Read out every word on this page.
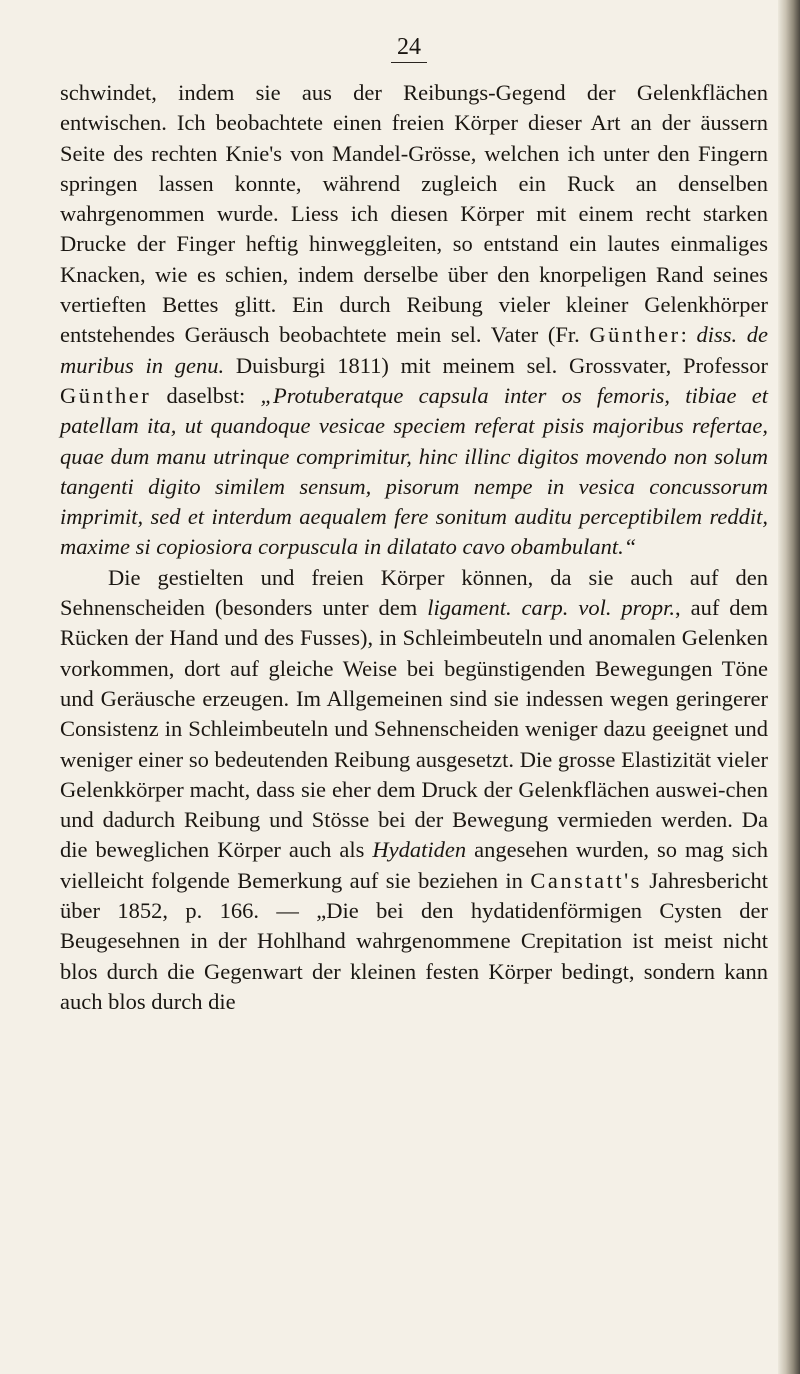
24

schwindet, indem sie aus der Reibungs-Gegend der Gelenkflächen entwischen. Ich beobachtete einen freien Körper dieser Art an der äussern Seite des rechten Knie's von Mandel-Grösse, welchen ich unter den Fingern springen lassen konnte, während zugleich ein Ruck an denselben wahrgenommen wurde. Liess ich diesen Körper mit einem recht starken Drucke der Finger heftig hinweggleiten, so entstand ein lautes einmaliges Knacken, wie es schien, indem derselbe über den knorpeligen Rand seines vertieften Bettes glitt. Ein durch Reibung vieler kleiner Gelenkhörper entstehendes Geräusch beobachtete mein sel. Vater (Fr. Günther: diss. de muribus in genu. Duisburgi 1811) mit meinem sel. Grossvater, Professor Günther daselbst: „Protuberatque capsula inter os femoris, tibiae et patellam ita, ut quandoque vesicae speciem referat pisis majoribus refertae, quae dum manu utrinque comprimitur, hinc illinc digitos movendo non solum tangenti digito similem sensum, pisorum nempe in vesica concussorum imprimit, sed et interdum aequalem fere sonitum auditu perceptibilem reddit, maxime si copiosiora corpuscula in dilatato cavo obambulant.“

Die gestielten und freien Körper können, da sie auch auf den Sehnenscheiden (besonders unter dem ligament. carp. vol. propr., auf dem Rücken der Hand und des Fusses), in Schleimbeuteln und anomalen Gelenken vorkommen, dort auf gleiche Weise bei begünstigenden Bewegungen Töne und Geräusche erzeugen. Im Allgemeinen sind sie indessen wegen geringerer Consistenz in Schleimbeuteln und Sehnenscheiden weniger dazu geeignet und weniger einer so bedeutenden Reibung ausgesetzt. Die grosse Elastizität vieler Gelenkkörper macht, dass sie eher dem Druck der Gelenkflächen auswei-chen und dadurch Reibung und Stösse bei der Bewegung vermieden werden. Da die beweglichen Körper auch als Hydatiden angesehen wurden, so mag sich vielleicht folgende Bemerkung auf sie beziehen in Canstatt's Jahresbericht über 1852, p. 166. — „Die bei den hydatidenförmigen Cysten der Beugesehnen in der Hohlhand wahrgenommene Crepitation ist meist nicht blos durch die Gegenwart der kleinen festen Körper bedingt, sondern kann auch blos durch die
